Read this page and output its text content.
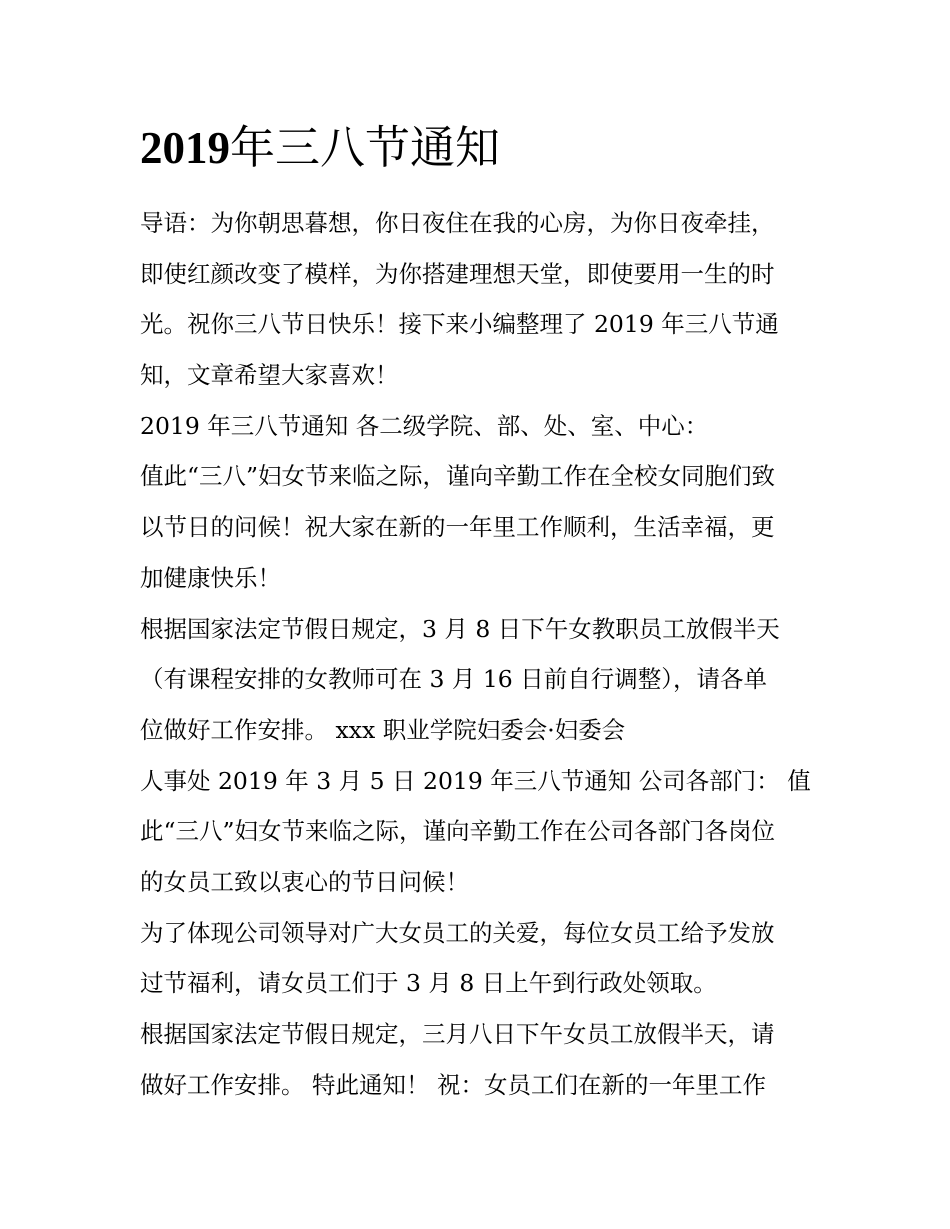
2019年三八节通知
导语：为你朝思暮想，你日夜住在我的心房，为你日夜牵挂，
即使红颜改变了模样，为你搭建理想天堂，即使要用一生的时
光。祝你三八节日快乐！接下来小编整理了 2019 年三八节通
知，文章希望大家喜欢！
2019 年三八节通知 各二级学院、部、处、室、中心：
值此“三八”妇女节来临之际，谨向辛勤工作在全校女同胞们致
以节日的问候！祝大家在新的一年里工作顺利，生活幸福，更
加健康快乐！
根据国家法定节假日规定，3 月 8 日下午女教职员工放假半天
（有课程安排的女教师可在 3 月 16 日前自行调整），请各单
位做好工作安排。 xxx 职业学院妇委会·妇委会
人事处 2019 年 3 月 5 日 2019 年三八节通知 公司各部门： 值
此“三八”妇女节来临之际，谨向辛勤工作在公司各部门各岗位
的女员工致以衷心的节日问候！
为了体现公司领导对广大女员工的关爱，每位女员工给予发放
过节福利，请女员工们于 3 月 8 日上午到行政处领取。
根据国家法定节假日规定，三月八日下午女员工放假半天，请
做好工作安排。 特此通知！ 祝：女员工们在新的一年里工作
